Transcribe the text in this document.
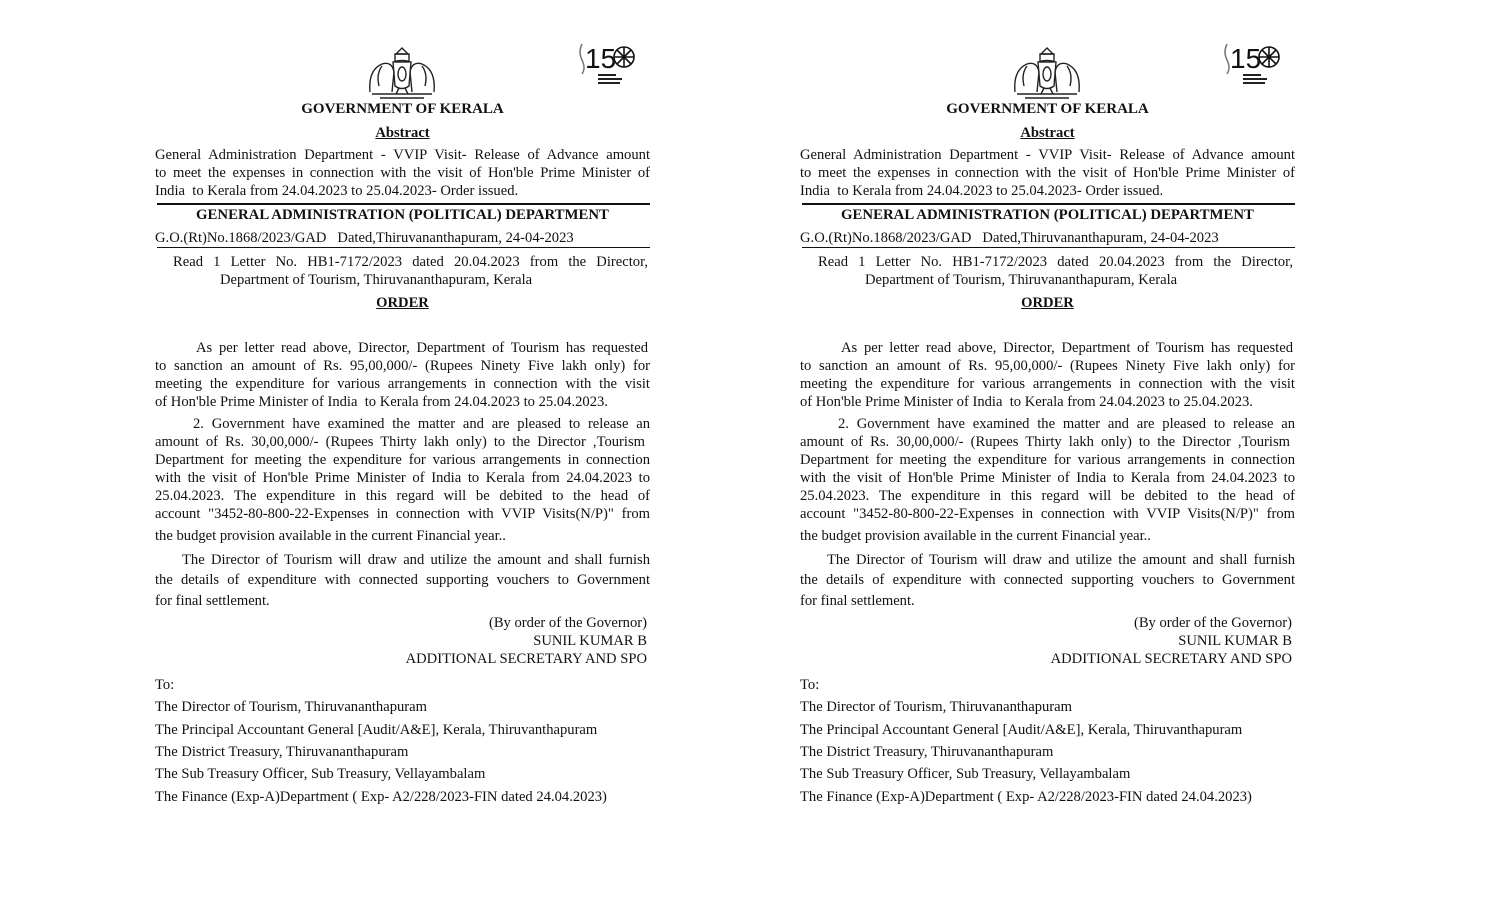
15
GOVERNMENT OF KERALA
Abstract
General Administration Department - VVIP Visit- Release of Advance amount
to meet the expenses in connection with the visit of Hon'ble Prime Minister of
India  to Kerala from 24.04.2023 to 25.04.2023- Order issued.
GENERAL ADMINISTRATION (POLITICAL) DEPARTMENT
G.O.(Rt)No.1868/2023/GAD   Dated,Thiruvananthapuram, 24-04-2023
Read 1 Letter No. HB1-7172/2023 dated 20.04.2023 from the Director,
Department of Tourism, Thiruvananthapuram, Kerala
ORDER
As per letter read above, Director, Department of Tourism has requested
to sanction an amount of Rs. 95,00,000/- (Rupees Ninety Five lakh only) for
meeting the expenditure for various arrangements in connection with the visit
of Hon'ble Prime Minister of India  to Kerala from 24.04.2023 to 25.04.2023.
2. Government have examined the matter and are pleased to release an
amount of Rs. 30,00,000/- (Rupees Thirty lakh only) to the Director ,Tourism
Department for meeting the expenditure for various arrangements in connection
with the visit of Hon'ble Prime Minister of India to Kerala from 24.04.2023 to
25.04.2023. The expenditure in this regard will be debited to the head of
account "3452-80-800-22-Expenses in connection with VVIP Visits(N/P)" from
the budget provision available in the current Financial year..
The Director of Tourism will draw and utilize the amount and shall furnish
the details of expenditure with connected supporting vouchers to Government
for final settlement.
(By order of the Governor)
SUNIL KUMAR B
ADDITIONAL SECRETARY AND SPO
To:
The Director of Tourism, Thiruvananthapuram
The Principal Accountant General [Audit/A&E], Kerala, Thiruvanthapuram
The District Treasury, Thiruvananthapuram
The Sub Treasury Officer, Sub Treasury, Vellayambalam
The Finance (Exp-A)Department ( Exp- A2/228/2023-FIN dated 24.04.2023)
15
GOVERNMENT OF KERALA
Abstract
General Administration Department - VVIP Visit- Release of Advance amount
to meet the expenses in connection with the visit of Hon'ble Prime Minister of
India  to Kerala from 24.04.2023 to 25.04.2023- Order issued.
GENERAL ADMINISTRATION (POLITICAL) DEPARTMENT
G.O.(Rt)No.1868/2023/GAD   Dated,Thiruvananthapuram, 24-04-2023
Read 1 Letter No. HB1-7172/2023 dated 20.04.2023 from the Director,
Department of Tourism, Thiruvananthapuram, Kerala
ORDER
As per letter read above, Director, Department of Tourism has requested
to sanction an amount of Rs. 95,00,000/- (Rupees Ninety Five lakh only) for
meeting the expenditure for various arrangements in connection with the visit
of Hon'ble Prime Minister of India  to Kerala from 24.04.2023 to 25.04.2023.
2. Government have examined the matter and are pleased to release an
amount of Rs. 30,00,000/- (Rupees Thirty lakh only) to the Director ,Tourism
Department for meeting the expenditure for various arrangements in connection
with the visit of Hon'ble Prime Minister of India to Kerala from 24.04.2023 to
25.04.2023. The expenditure in this regard will be debited to the head of
account "3452-80-800-22-Expenses in connection with VVIP Visits(N/P)" from
the budget provision available in the current Financial year..
The Director of Tourism will draw and utilize the amount and shall furnish
the details of expenditure with connected supporting vouchers to Government
for final settlement.
(By order of the Governor)
SUNIL KUMAR B
ADDITIONAL SECRETARY AND SPO
To:
The Director of Tourism, Thiruvananthapuram
The Principal Accountant General [Audit/A&E], Kerala, Thiruvanthapuram
The District Treasury, Thiruvananthapuram
The Sub Treasury Officer, Sub Treasury, Vellayambalam
The Finance (Exp-A)Department ( Exp- A2/228/2023-FIN dated 24.04.2023)
